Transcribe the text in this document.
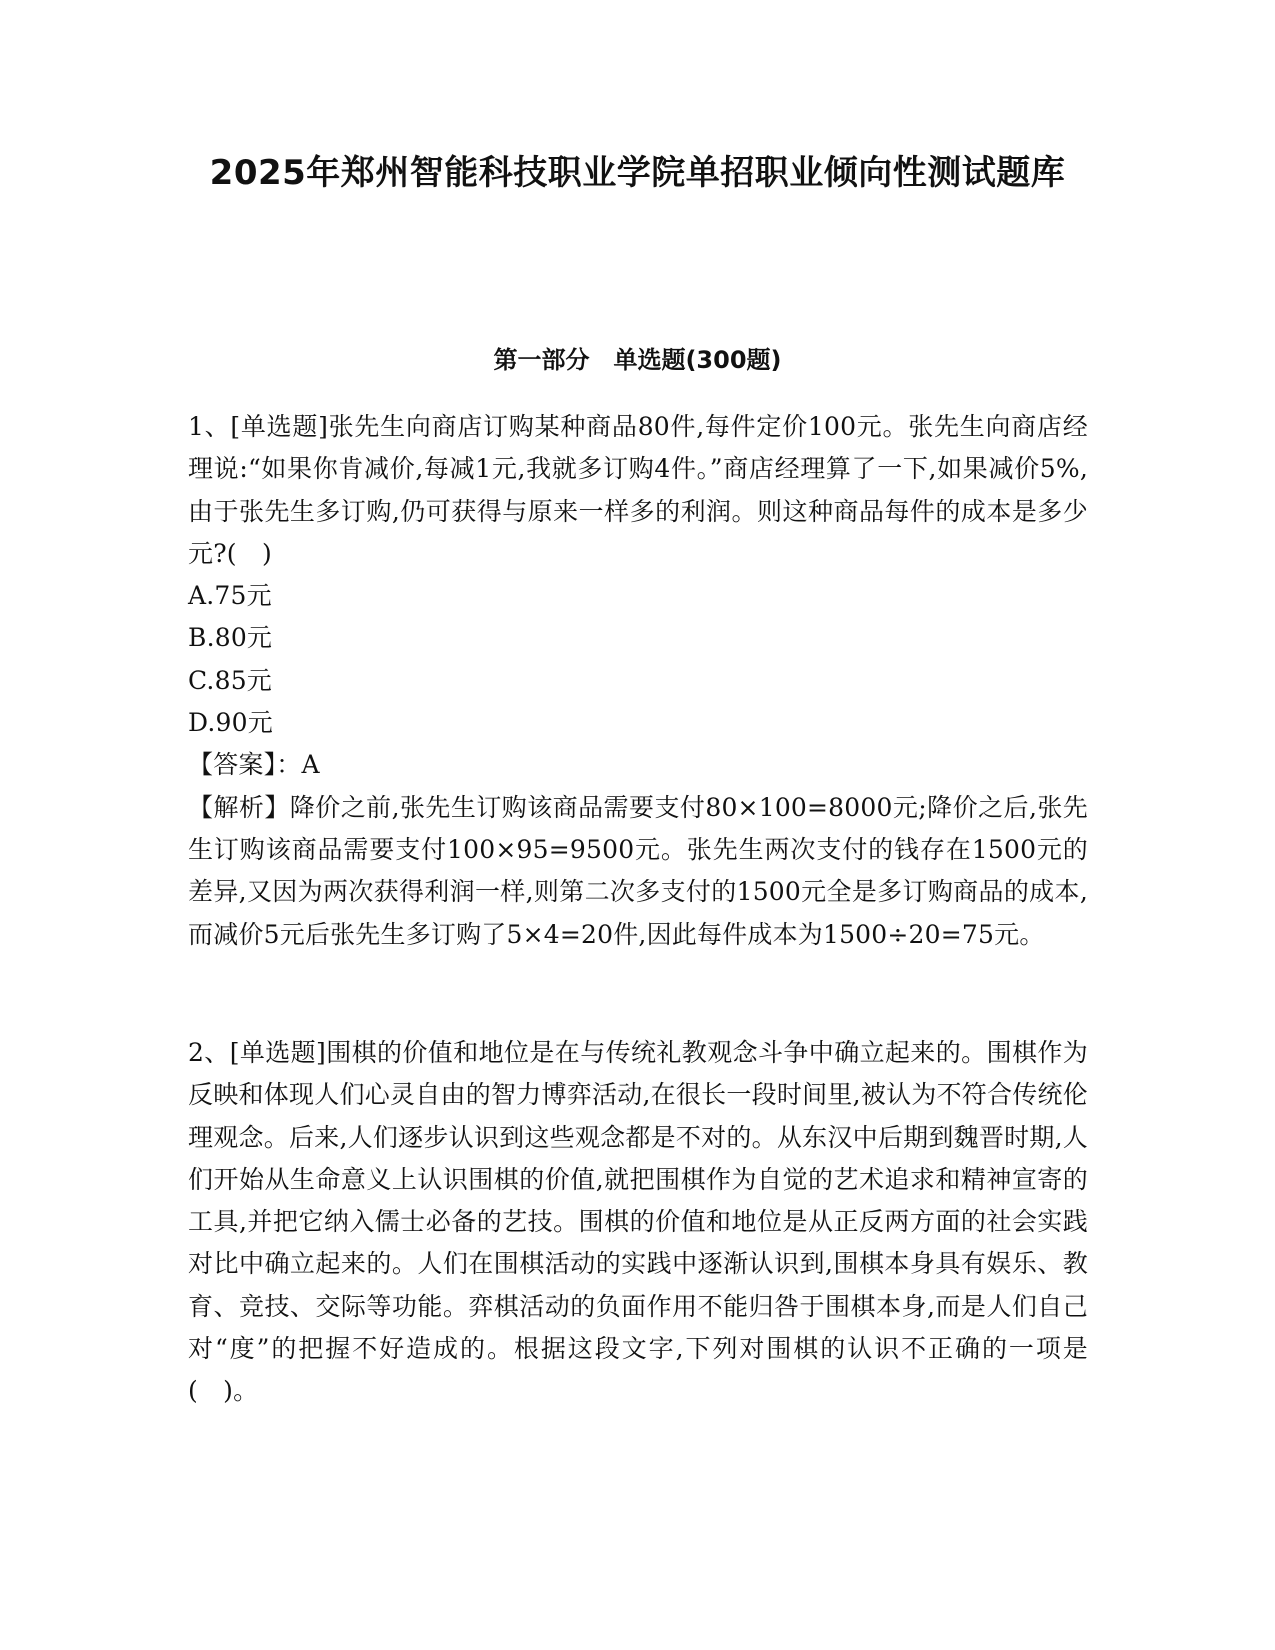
2025年郑州智能科技职业学院单招职业倾向性测试题库
第一部分　单选题(300题)
1、[单选题]张先生向商店订购某种商品80件,每件定价100元。张先生向商店经理说:“如果你肯减价,每减1元,我就多订购4件。”商店经理算了一下,如果减价5%,由于张先生多订购,仍可获得与原来一样多的利润。则这种商品每件的成本是多少元?(　)
A.75元
B.80元
C.85元
D.90元
【答案】：A
【解析】降价之前,张先生订购该商品需要支付80×100=8000元;降价之后,张先生订购该商品需要支付100×95=9500元。张先生两次支付的钱存在1500元的差异,又因为两次获得利润一样,则第二次多支付的1500元全是多订购商品的成本,而减价5元后张先生多订购了5×4=20件,因此每件成本为1500÷20=75元。
2、[单选题]围棋的价值和地位是在与传统礼教观念斗争中确立起来的。围棋作为反映和体现人们心灵自由的智力博弈活动,在很长一段时间里,被认为不符合传统伦理观念。后来,人们逐步认识到这些观念都是不对的。从东汉中后期到魏晋时期,人们开始从生命意义上认识围棋的价值,就把围棋作为自觉的艺术追求和精神宣寄的工具,并把它纳入儒士必备的艺技。围棋的价值和地位是从正反两方面的社会实践对比中确立起来的。人们在围棋活动的实践中逐渐认识到,围棋本身具有娱乐、教育、竞技、交际等功能。弈棋活动的负面作用不能归咎于围棋本身,而是人们自己对“度”的把握不好造成的。根据这段文字,下列对围棋的认识不正确的一项是(　)。
